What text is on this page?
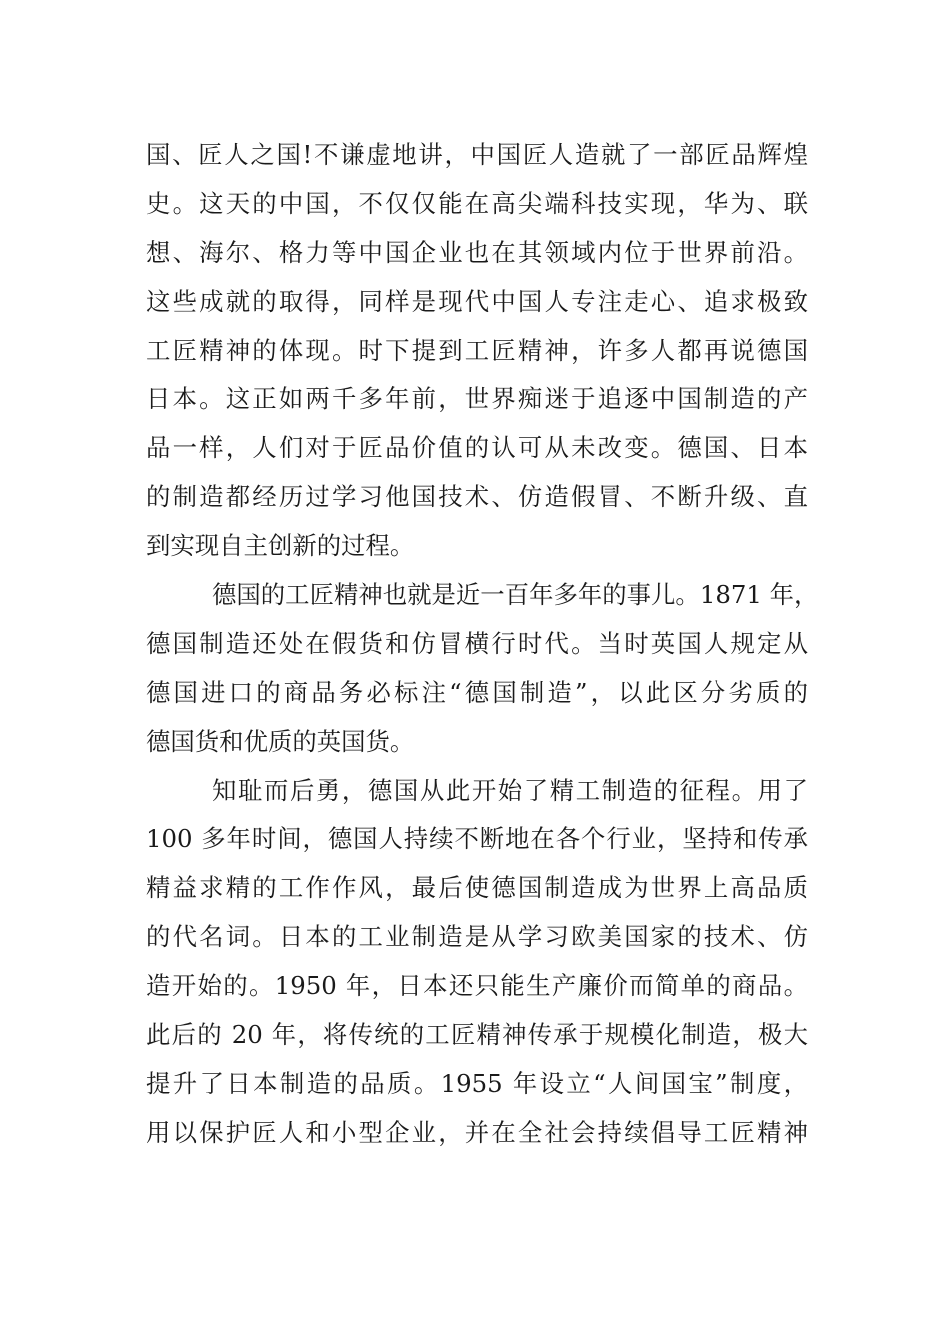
国、匠人之国!不谦虚地讲，中国匠人造就了一部匠品辉煌
史。这天的中国，不仅仅能在高尖端科技实现，华为、联
想、海尔、格力等中国企业也在其领域内位于世界前沿。
这些成就的取得，同样是现代中国人专注走心、追求极致
工匠精神的体现。时下提到工匠精神，许多人都再说德国
日本。这正如两千多年前，世界痴迷于追逐中国制造的产
品一样，人们对于匠品价值的认可从未改变。德国、日本
的制造都经历过学习他国技术、仿造假冒、不断升级、直
到实现自主创新的过程。
德国的工匠精神也就是近一百年多年的事儿。1871 年，
德国制造还处在假货和仿冒横行时代。当时英国人规定从
德国进口的商品务必标注“德国制造”，以此区分劣质的
德国货和优质的英国货。
知耻而后勇，德国从此开始了精工制造的征程。用了
100 多年时间，德国人持续不断地在各个行业，坚持和传承
精益求精的工作作风，最后使德国制造成为世界上高品质
的代名词。日本的工业制造是从学习欧美国家的技术、仿
造开始的。1950 年，日本还只能生产廉价而简单的商品。
此后的 20 年，将传统的工匠精神传承于规模化制造，极大
提升了日本制造的品质。1955 年设立“人间国宝”制度，
用以保护匠人和小型企业，并在全社会持续倡导工匠精神
